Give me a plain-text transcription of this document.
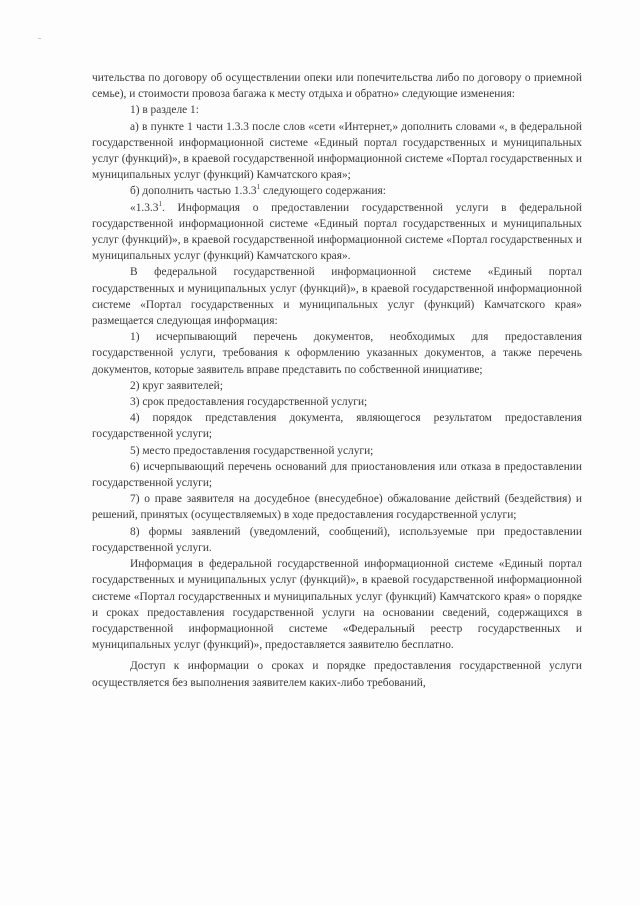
чительства по договору об осуществлении опеки или попечительства либо по договору о приемной семье), и стоимости провоза багажа к месту отдыха и обратно» следующие изменения:

1) в разделе 1:

а) в пункте 1 части 1.3.3 после слов «сети «Интернет,» дополнить словами «, в федеральной государственной информационной системе «Единый портал государственных и муниципальных услуг (функций)», в краевой государственной информационной системе «Портал государственных и муниципальных услуг (функций) Камчатского края»;

б) дополнить частью 1.3.3$^1$ следующего содержания:

«1.3.3$^1$. Информация о предоставлении государственной услуги в федеральной государственной информационной системе «Единый портал государственных и муниципальных услуг (функций)», в краевой государственной информационной системе «Портал государственных и муниципальных услуг (функций) Камчатского края».

В федеральной государственной информационной системе «Единый портал государственных и муниципальных услуг (функций)», в краевой государственной информационной системе «Портал государственных и муниципальных услуг (функций) Камчатского края» размещается следующая информация:

1) исчерпывающий перечень документов, необходимых для предоставления государственной услуги, требования к оформлению указанных документов, а также перечень документов, которые заявитель вправе представить по собственной инициативе;

2) круг заявителей;

3) срок предоставления государственной услуги;

4) порядок представления документа, являющегося результатом предоставления государственной услуги;

5) место предоставления государственной услуги;

6) исчерпывающий перечень оснований для приостановления или отказа в предоставлении государственной услуги;

7) о праве заявителя на досудебное (внесудебное) обжалование действий (бездействия) и решений, принятых (осуществляемых) в ходе предоставления государственной услуги;

8) формы заявлений (уведомлений, сообщений), используемые при предоставлении государственной услуги.

Информация в федеральной государственной информационной системе «Единый портал государственных и муниципальных услуг (функций)», в краевой государственной информационной системе «Портал государственных и муниципальных услуг (функций) Камчатского края» о порядке и сроках предоставления государственной услуги на основании сведений, содержащихся в государственной информационной системе «Федеральный реестр государственных и муниципальных услуг (функций)», предоставляется заявителю бесплатно.

Доступ к информации о сроках и порядке предоставления государственной услуги осуществляется без выполнения заявителем каких-либо требований,
